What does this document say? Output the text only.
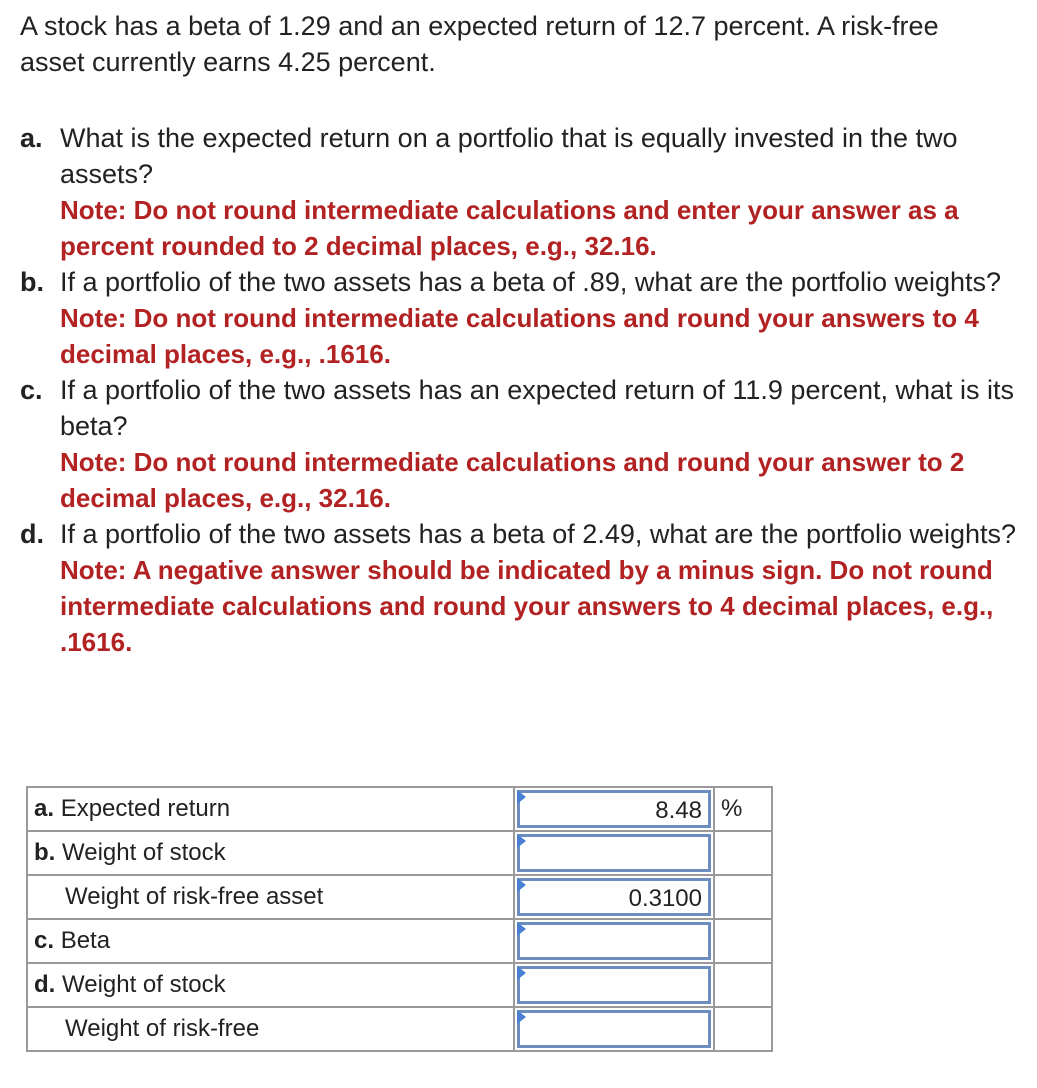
A stock has a beta of 1.29 and an expected return of 12.7 percent. A risk-free asset currently earns 4.25 percent.

a. What is the expected return on a portfolio that is equally invested in the two assets?
Note: Do not round intermediate calculations and enter your answer as a percent rounded to 2 decimal places, e.g., 32.16.
b. If a portfolio of the two assets has a beta of .89, what are the portfolio weights?
Note: Do not round intermediate calculations and round your answers to 4 decimal places, e.g., .1616.
c. If a portfolio of the two assets has an expected return of 11.9 percent, what is its beta?
Note: Do not round intermediate calculations and round your answer to 2 decimal places, e.g., 32.16.
d. If a portfolio of the two assets has a beta of 2.49, what are the portfolio weights?
Note: A negative answer should be indicated by a minus sign. Do not round intermediate calculations and round your answers to 4 decimal places, e.g., .1616.
a. Expected return	8.48	%
b. Weight of stock	

Weight of risk-free asset	0.3100	

c. Beta	

d. Weight of stock	

Weight of risk-free	
